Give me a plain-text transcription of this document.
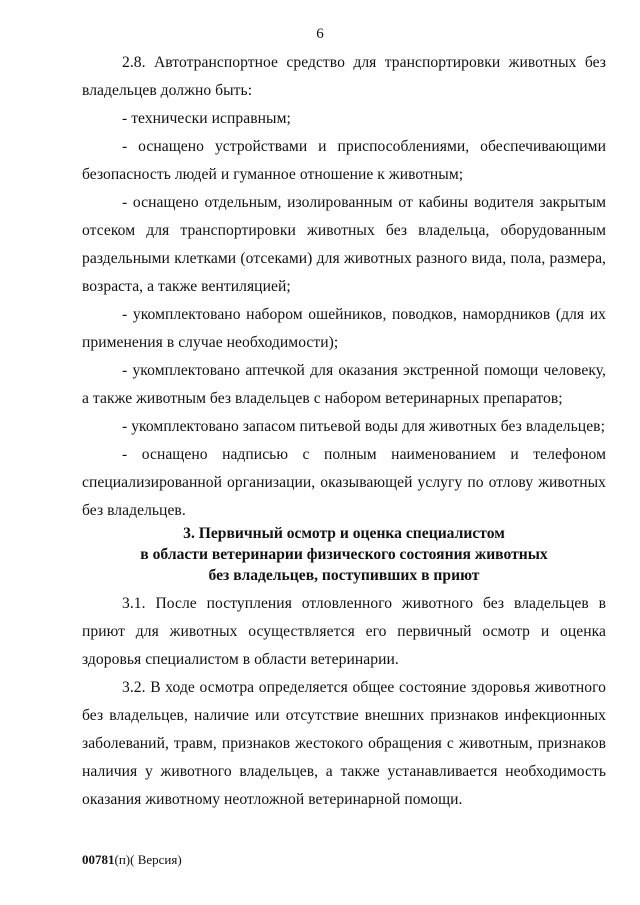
6

2.8. Автотранспортное средство для транспортировки животных без владельцев должно быть:

- технически исправным;

- оснащено устройствами и приспособлениями, обеспечивающими безопасность людей и гуманное отношение к животным;

- оснащено отдельным, изолированным от кабины водителя закрытым отсеком для транспортировки животных без владельца, оборудованным раздельными клетками (отсеками) для животных разного вида, пола, размера, возраста, а также вентиляцией;

- укомплектовано набором ошейников, поводков, намордников (для их применения в случае необходимости);

- укомплектовано аптечкой для оказания экстренной помощи человеку, а также животным без владельцев с набором ветеринарных препаратов;

- укомплектовано запасом питьевой воды для животных без владельцев;

- оснащено надписью с полным наименованием и телефоном специализированной организации, оказывающей услугу по отлову животных без владельцев.

3. Первичный осмотр и оценка специалистом
в области ветеринарии физического состояния животных
без владельцев, поступивших в приют

3.1. После поступления отловленного животного без владельцев в приют для животных осуществляется его первичный осмотр и оценка здоровья специалистом в области ветеринарии.

3.2. В ходе осмотра определяется общее состояние здоровья животного без владельцев, наличие или отсутствие внешних признаков инфекционных заболеваний, травм, признаков жестокого обращения с животным, признаков наличия у животного владельцев, а также устанавливается необходимость оказания животному неотложной ветеринарной помощи.

00781(п)( Версия)
